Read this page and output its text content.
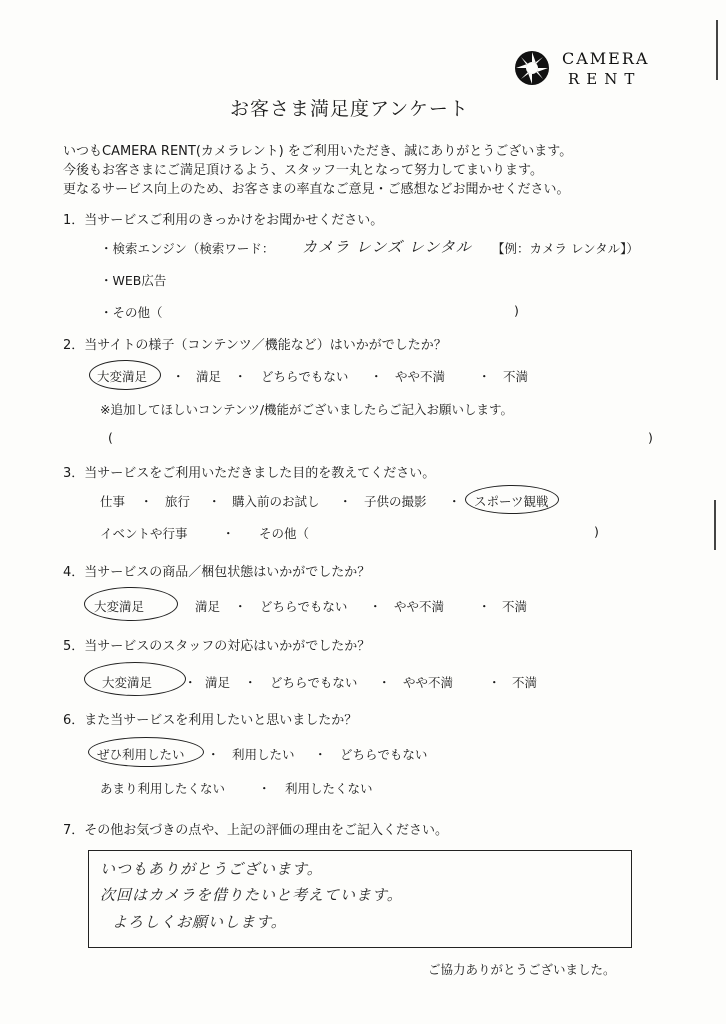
CAMERA
RENT
お客さま満足度アンケート
いつもCAMERA RENT(カメラレント) をご利用いただき、誠にありがとうございます。
今後もお客さまにご満足頂けるよう、スタッフ一丸となって努力してまいります。
更なるサービス向上のため、お客さまの率直なご意見・ご感想などお聞かせください。
1．当サービスご利用のきっかけをお聞かせください。
・検索エンジン（検索ワード： カメラ レンズ レンタル 【例：カメラ レンタル】）
・WEB広告
・その他（	)
2．当サイトの様子（コンテンツ／機能など）はいかがでしたか？
大変満足 ・ 満足 ・ どちらでもない ・ やや不満	・ 不満
※追加してほしいコンテンツ/機能がございましたらご記入お願いします。
(	)
3．当サービスをご利用いただきました目的を教えてください。
仕事 ・ 旅行 ・ 購入前のお試し ・ 子供の撮影 ・ スポーツ観戦
イベントや行事	・ その他（	)
4．当サービスの商品／梱包状態はいかがでしたか？
大変満足	満足 ・ どちらでもない ・ やや不満	・ 不満
5．当サービスのスタッフの対応はいかがでしたか？
大変満足	・ 満足 ・ どちらでもない ・ やや不満	・ 不満
6．また当サービスを利用したいと思いましたか？
ぜひ利用したい ・ 利用したい ・ どちらでもない
あまり利用したくない	・ 利用したくない
7．その他お気づきの点や、上記の評価の理由をご記入ください。
いつもありがとうございます。
次回はカメラを借りたいと考えています。
よろしくお願いします。
ご協力ありがとうございました。
